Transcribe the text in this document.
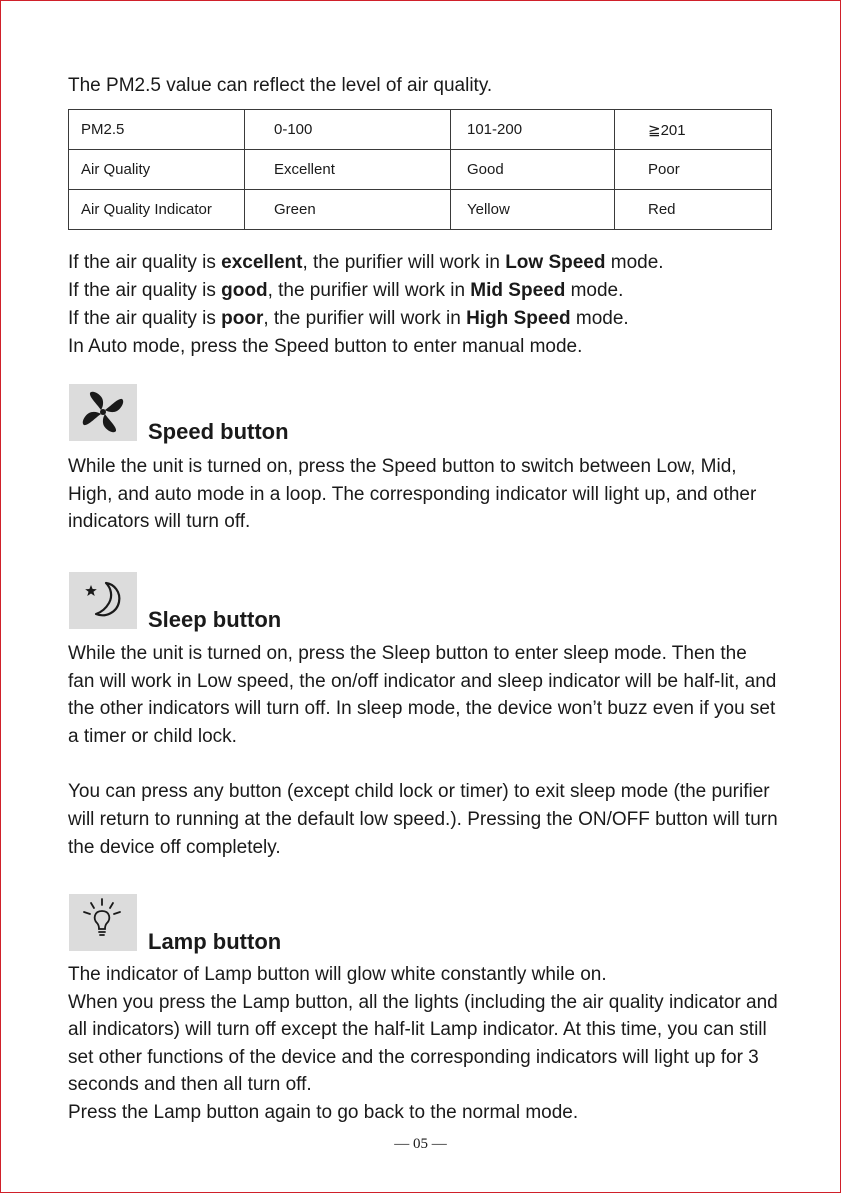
The PM2.5 value can reflect the level of air quality.

PM2.5	0-100	101-200	≧201
Air Quality	Excellent	Good	Poor
Air Quality Indicator	Green	Yellow	Red

If the air quality is excellent, the purifier will work in Low Speed mode.

If the air quality is good, the purifier will work in Mid Speed mode.

If the air quality is poor, the purifier will work in High Speed mode.

In Auto mode, press the Speed button to enter manual mode.

Speed button

While the unit is turned on, press the Speed button to switch between Low, Mid, High, and auto mode in a loop. The corresponding indicator will light up, and other indicators will turn off.

Sleep button

While the unit is turned on, press the Sleep button to enter sleep mode. Then the fan will work in Low speed, the on/off indicator and sleep indicator will be half-lit, and the other indicators will turn off. In sleep mode, the device won’t buzz even if you set a timer or child lock.

You can press any button (except child lock or timer) to exit sleep mode (the purifier will return to running at the default low speed.). Pressing the ON/OFF button will turn the device off completely.

Lamp button

The indicator of Lamp button will glow white constantly while on.

When you press the Lamp button, all the lights (including the air quality indicator and all indicators) will turn off except the half-lit Lamp indicator. At this time, you can still set other functions of the device and the corresponding indicators will light up for 3 seconds and then all turn off.

Press the Lamp button again to go back to the normal mode.

— 05 —
